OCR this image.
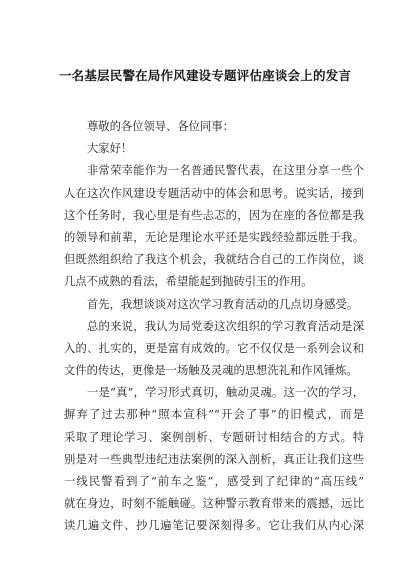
一名基层民警在局作风建设专题评估座谈会上的发言
尊敬的各位领导、各位同事：
大家好！
非常荣幸能作为一名普通民警代表，在这里分享一些个
人在这次作风建设专题活动中的体会和思考。说实话，接到
这个任务时，我心里是有些忐忑的，因为在座的各位都是我
的领导和前辈，无论是理论水平还是实践经验都远胜于我。
但既然组织给了我这个机会，我就结合自己的工作岗位，谈
几点不成熟的看法，希望能起到抛砖引玉的作用。
首先，我想谈谈对这次学习教育活动的几点切身感受。
总的来说，我认为局党委这次组织的学习教育活动是深
入的、扎实的，更是富有成效的。它不仅仅是一系列会议和
文件的传达，更像是一场触及灵魂的思想洗礼和作风锤炼。
一是“真”，学习形式真切，触动灵魂。这一次的学习，
摒弃了过去那种“照本宣科”“开会了事”的旧模式，而是
采取了理论学习、案例剖析、专题研讨相结合的方式。特
别是对一些典型违纪违法案例的深入剖析，真正让我们这些
一线民警看到了“前车之鉴”，感受到了纪律的“高压线”
就在身边，时刻不能触碰。这种警示教育带来的震撼，远比
读几遍文件、抄几遍笔记要深刻得多。它让我们从内心深
